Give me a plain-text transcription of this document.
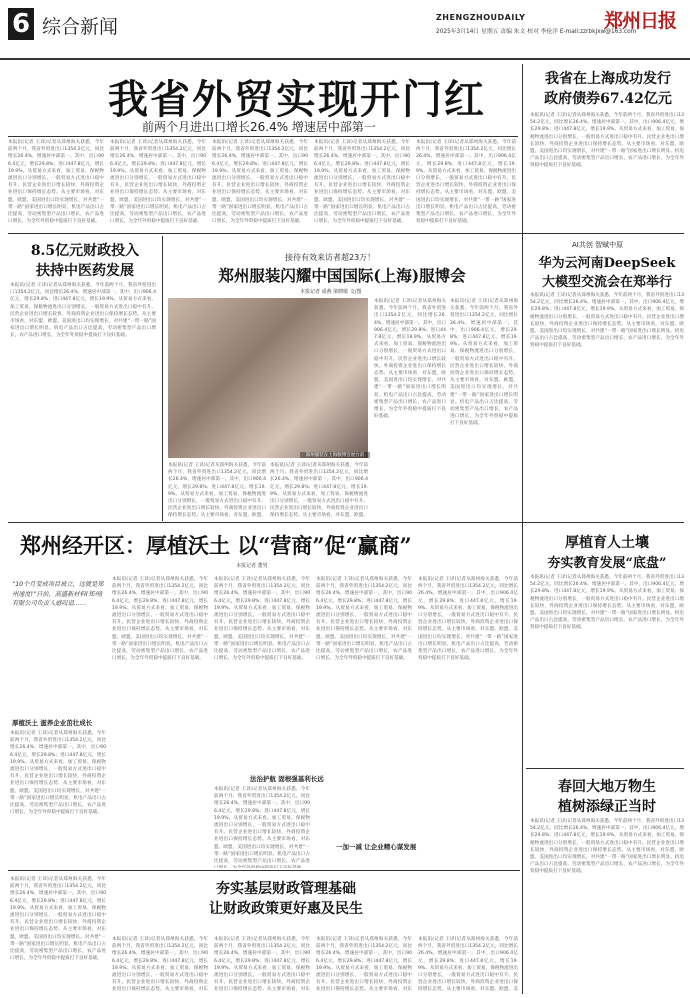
6 综合新闻	ZHENGZHOUDAILY
2025年3月14日 星期五 责编 朱文 校对 李伦洋 E-mail:zzrbkjxw@163.com
郑州日报
我省外贸实现开门红
前两个月进出口增长26.4% 增速居中部第一
本报讯(记者 王译)记者从郑州海关获悉，今年前两个月，我省外贸进出口1354.2亿元，同比增长26.4%，增速居中部第一。其中，出口906.4亿元，增长29.8%；进口447.8亿元，增长19.9%。从贸易方式来看，加工贸易、保税物流进出口分别增长，一般贸易方式进出口稳中有升。民营企业进出口增长较快，外商投资企业进出口保持增长态势。从主要市场看，对东盟、欧盟、美国进出口均实现增长，对共建“一带一路”国家进出口增长明显。机电产品出口占比提高，劳动密集型产品出口增长，农产品进口增长，为全年外贸稳中提质打下良好基础。
本报讯(记者 王译)记者从郑州海关获悉，今年前两个月，我省外贸进出口1354.2亿元，同比增长26.4%，增速居中部第一。其中，出口906.4亿元，增长29.8%；进口447.8亿元，增长19.9%。从贸易方式来看，加工贸易、保税物流进出口分别增长，一般贸易方式进出口稳中有升。民营企业进出口增长较快，外商投资企业进出口保持增长态势。从主要市场看，对东盟、欧盟、美国进出口均实现增长，对共建“一带一路”国家进出口增长明显。机电产品出口占比提高，劳动密集型产品出口增长，农产品进口增长，为全年外贸稳中提质打下良好基础。
本报讯(记者 王译)记者从郑州海关获悉，今年前两个月，我省外贸进出口1354.2亿元，同比增长26.4%，增速居中部第一。其中，出口906.4亿元，增长29.8%；进口447.8亿元，增长19.9%。从贸易方式来看，加工贸易、保税物流进出口分别增长，一般贸易方式进出口稳中有升。民营企业进出口增长较快，外商投资企业进出口保持增长态势。从主要市场看，对东盟、欧盟、美国进出口均实现增长，对共建“一带一路”国家进出口增长明显。机电产品出口占比提高，劳动密集型产品出口增长，农产品进口增长，为全年外贸稳中提质打下良好基础。
本报讯(记者 王译)记者从郑州海关获悉，今年前两个月，我省外贸进出口1354.2亿元，同比增长26.4%，增速居中部第一。其中，出口906.4亿元，增长29.8%；进口447.8亿元，增长19.9%。从贸易方式来看，加工贸易、保税物流进出口分别增长，一般贸易方式进出口稳中有升。民营企业进出口增长较快，外商投资企业进出口保持增长态势。从主要市场看，对东盟、欧盟、美国进出口均实现增长，对共建“一带一路”国家进出口增长明显。机电产品出口占比提高，劳动密集型产品出口增长，农产品进口增长，为全年外贸稳中提质打下良好基础。
本报讯(记者 王译)记者从郑州海关获悉，今年前两个月，我省外贸进出口1354.2亿元，同比增长26.4%，增速居中部第一。其中，出口906.4亿元，增长29.8%；进口447.8亿元，增长19.9%。从贸易方式来看，加工贸易、保税物流进出口分别增长，一般贸易方式进出口稳中有升。民营企业进出口增长较快，外商投资企业进出口保持增长态势。从主要市场看，对东盟、欧盟、美国进出口均实现增长，对共建“一带一路”国家进出口增长明显。机电产品出口占比提高，劳动密集型产品出口增长，农产品进口增长，为全年外贸稳中提质打下良好基础。
我省在上海成功发行
政府债券67.42亿元
本报讯(记者 王译)记者从郑州海关获悉，今年前两个月，我省外贸进出口1354.2亿元，同比增长26.4%，增速居中部第一。其中，出口906.4亿元，增长29.8%；进口447.8亿元，增长19.9%。从贸易方式来看，加工贸易、保税物流进出口分别增长，一般贸易方式进出口稳中有升。民营企业进出口增长较快，外商投资企业进出口保持增长态势。从主要市场看，对东盟、欧盟、美国进出口均实现增长，对共建“一带一路”国家进出口增长明显。机电产品出口占比提高，劳动密集型产品出口增长，农产品进口增长，为全年外贸稳中提质打下良好基础。
8.5亿元财政投入
扶持中医药发展
本报讯(记者 王译)记者从郑州海关获悉，今年前两个月，我省外贸进出口1354.2亿元，同比增长26.4%，增速居中部第一。其中，出口906.4亿元，增长29.8%；进口447.8亿元，增长19.9%。从贸易方式来看，加工贸易、保税物流进出口分别增长，一般贸易方式进出口稳中有升。民营企业进出口增长较快，外商投资企业进出口保持增长态势。从主要市场看，对东盟、欧盟、美国进出口均实现增长，对共建“一带一路”国家进出口增长明显。机电产品出口占比提高，劳动密集型产品出口增长，农产品进口增长，为全年外贸稳中提质打下良好基础。
接待有效来访者超23万！
郑州服装闪耀中国国际(上海)服博会
本报记者 成燕 梁晓敏 文/图
郑州服装在上海服博会展台前
本报讯(记者 王译)记者从郑州海关获悉，今年前两个月，我省外贸进出口1354.2亿元，同比增长26.4%，增速居中部第一。其中，出口906.4亿元，增长29.8%；进口447.8亿元，增长19.9%。从贸易方式来看，加工贸易、保税物流进出口分别增长，一般贸易方式进出口稳中有升。民营企业进出口增长较快，外商投资企业进出口保持增长态势。从主要市场看，对东盟、欧盟、美国进出口均实现增长，对共建“一带一路”国家进出口增长明显。机电产品出口占比提高，劳动密集型产品出口增长，农产品进口增长，为全年外贸稳中提质打下良好基础。
本报讯(记者 王译)记者从郑州海关获悉，今年前两个月，我省外贸进出口1354.2亿元，同比增长26.4%，增速居中部第一。其中，出口906.4亿元，增长29.8%；进口447.8亿元，增长19.9%。从贸易方式来看，加工贸易、保税物流进出口分别增长，一般贸易方式进出口稳中有升。民营企业进出口增长较快，外商投资企业进出口保持增长态势。从主要市场看，对东盟、欧盟、美国进出口均实现增长，对共建“一带一路”国家进出口增长明显。机电产品出口占比提高，劳动密集型产品出口增长，农产品进口增长，为全年外贸稳中提质打下良好基础。
本报讯(记者 王译)记者从郑州海关获悉，今年前两个月，我省外贸进出口1354.2亿元，同比增长26.4%，增速居中部第一。其中，出口906.4亿元，增长29.8%；进口447.8亿元，增长19.9%。从贸易方式来看，加工贸易、保税物流进出口分别增长，一般贸易方式进出口稳中有升。民营企业进出口增长较快，外商投资企业进出口保持增长态势。从主要市场看，对东盟、欧盟、
本报讯(记者 王译)记者从郑州海关获悉，今年前两个月，我省外贸进出口1354.2亿元，同比增长26.4%，增速居中部第一。其中，出口906.4亿元，增长29.8%；进口447.8亿元，增长19.9%。从贸易方式来看，加工贸易、保税物流进出口分别增长，一般贸易方式进出口稳中有升。民营企业进出口增长较快，外商投资企业进出口保持增长态势。从主要市场看，对东盟、欧盟、
AI共创 智赋中原
华为云河南DeepSeek
大模型交流会在郑举行
本报讯(记者 王译)记者从郑州海关获悉，今年前两个月，我省外贸进出口1354.2亿元，同比增长26.4%，增速居中部第一。其中，出口906.4亿元，增长29.8%；进口447.8亿元，增长19.9%。从贸易方式来看，加工贸易、保税物流进出口分别增长，一般贸易方式进出口稳中有升。民营企业进出口增长较快，外商投资企业进出口保持增长态势。从主要市场看，对东盟、欧盟、美国进出口均实现增长，对共建“一带一路”国家进出口增长明显。机电产品出口占比提高，劳动密集型产品出口增长，农产品进口增长，为全年外贸稳中提质打下良好基础。
郑州经开区：厚植沃土 以“营商”促“赢商”
本报记者 董男
“10个月变成项目被立，这就是郑州速度!”日前，高盛新材料(郑州)有限公司负责人感叹道……
厚植沃土 滋养企业茁壮成长
本报讯(记者 王译)记者从郑州海关获悉，今年前两个月，我省外贸进出口1354.2亿元，同比增长26.4%，增速居中部第一。其中，出口906.4亿元，增长29.8%；进口447.8亿元，增长19.9%。从贸易方式来看，加工贸易、保税物流进出口分别增长，一般贸易方式进出口稳中有升。民营企业进出口增长较快，外商投资企业进出口保持增长态势。从主要市场看，对东盟、欧盟、美国进出口均实现增长，对共建“一带一路”国家进出口增长明显。机电产品出口占比提高，劳动密集型产品出口增长，农产品进口增长，为全年外贸稳中提质打下良好基础。
本报讯(记者 王译)记者从郑州海关获悉，今年前两个月，我省外贸进出口1354.2亿元，同比增长26.4%，增速居中部第一。其中，出口906.4亿元，增长29.8%；进口447.8亿元，增长19.9%。从贸易方式来看，加工贸易、保税物流进出口分别增长，一般贸易方式进出口稳中有升。民营企业进出口增长较快，外商投资企业进出口保持增长态势。从主要市场看，对东盟、欧盟、美国进出口均实现增长，对共建“一带一路”国家进出口增长明显。机电产品出口占比提高，劳动密集型产品出口增长，农产品进口增长，为全年外贸稳中提质打下良好基础。
法治护航 固根强基利长远
本报讯(记者 王译)记者从郑州海关获悉，今年前两个月，我省外贸进出口1354.2亿元，同比增长26.4%，增速居中部第一。其中，出口906.4亿元，增长29.8%；进口447.8亿元，增长19.9%。从贸易方式来看，加工贸易、保税物流进出口分别增长，一般贸易方式进出口稳中有升。民营企业进出口增长较快，外商投资企业进出口保持增长态势。从主要市场看，对东盟、欧盟、美国进出口均实现增长，对共建“一带一路”国家进出口增长明显。机电产品出口占比提高，劳动密集型产品出口增长，农产品进口增长，为全年外贸稳中提质打下良好基础。
本报讯(记者 王译)记者从郑州海关获悉，今年前两个月，我省外贸进出口1354.2亿元，同比增长26.4%，增速居中部第一。其中，出口906.4亿元，增长29.8%；进口447.8亿元，增长19.9%。从贸易方式来看，加工贸易、保税物流进出口分别增长，一般贸易方式进出口稳中有升。民营企业进出口增长较快，外商投资企业进出口保持增长态势。从主要市场看，对东盟、欧盟、美国进出口均实现增长，对共建“一带一路”国家进出口增长明显。机电产品出口占比提高，劳动密集型产品出口增长，农产品进
一加一减 让企业精心谋发展
本报讯(记者 王译)记者从郑州海关获悉，今年前两个月，我省外贸进出口1354.2亿元，同比增长26.4%，增速居中部第一。其中，出口906.4亿元，增长29.8%；进口447.8亿元，增长19.9%。从贸易方式来看，加工贸易、保税物流进出口分别增长，一般贸易方式进出口稳中有升。民营企业进出口增长较快，外商投资企业进出口保持增长态势。从主要市场看，对东盟、欧盟、美国进出口均实现增长，对共建“一带一路”国家进出口增长明显。机电产品出口占比提高，劳动密集型产品出口增长，农产品进口增长，为全年外贸稳中提质打下良好基础。
本报讯(记者 王译)记者从郑州海关获悉，今年前两个月，我省外贸进出口1354.2亿元，同比增长26.4%，增速居中部第一。其中，出口906.4亿元，增长29.8%；进口447.8亿元，增长19.9%。从贸易方式来看，加工贸易、保税物流进出口分别增长，一般贸易方式进出口稳中有升。民营企业进出口增长较快，外商投资企业进出口保持增长态势。从主要市场看，对东盟、欧盟、美国进出口均实现增长，对共建“一带一路”国家进出口增长明显。机电产品出口占比提高，劳动密集型产品出口增长，农产品进口增长，为全年外贸稳中提质打下良好基础。
厚植育人土壤
夯实教育发展“底盘”
本报讯(记者 王译)记者从郑州海关获悉，今年前两个月，我省外贸进出口1354.2亿元，同比增长26.4%，增速居中部第一。其中，出口906.4亿元，增长29.8%；进口447.8亿元，增长19.9%。从贸易方式来看，加工贸易、保税物流进出口分别增长，一般贸易方式进出口稳中有升。民营企业进出口增长较快，外商投资企业进出口保持增长态势。从主要市场看，对东盟、欧盟、美国进出口均实现增长，对共建“一带一路”国家进出口增长明显。机电产品出口占比提高，劳动密集型产品出口增长，农产品进口增长，为全年外贸稳中提质打下良好基础。
春回大地万物生
植树添绿正当时
本报讯(记者 王译)记者从郑州海关获悉，今年前两个月，我省外贸进出口1354.2亿元，同比增长26.4%，增速居中部第一。其中，出口906.4亿元，增长29.8%；进口447.8亿元，增长19.9%。从贸易方式来看，加工贸易、保税物流进出口分别增长，一般贸易方式进出口稳中有升。民营企业进出口增长较快，外商投资企业进出口保持增长态势。从主要市场看，对东盟、欧盟、美国进出口均实现增长，对共建“一带一路”国家进出口增长明显。机电产品出口占比提高，劳动密集型产品出口增长，农产品进口增长，为全年外贸稳中提质打下良好基础。
本报讯(记者 王译)记者从郑州海关获悉，今年前两个月，我省外贸进出口1354.2亿元，同比增长26.4%，增速居中部第一。其中，出口906.4亿元，增长29.8%；进口447.8亿元，增长19.9%。从贸易方式来看，加工贸易、保税物流进出口分别增长，一般贸易方式进出口稳中有升。民营企业进出口增长较快，外商投资企业进出口保持增长态势。从主要市场看，对东盟、欧盟、美国进出口均实现增长，对共建“一带一路”国家进出口增长明显。机电产品出口占比提高，劳动密集型产品出口增长，农产品进口增长，为全年外贸稳中提质打下良好基础。
本报讯(记者 王译)记者从郑州海关获悉，今年前两个月，我省外贸进出口1354.2亿元，同比增长26.4%，增速居中部第一。其中，出口906.4亿元，增长29.8%；进口447.8亿元，增长19.9%。从贸易方式来看，加工贸易、保税物流进出口分别增长，一般贸易方式进出口稳中有升。民营企业进出口增长较快，外商投资企业进出口保持增长态势。从主要市场看，对东
夯实基层财政管理基础
让财政政策更好惠及民生
本报讯(记者 王译)记者从郑州海关获悉，今年前两个月，我省外贸进出口1354.2亿元，同比增长26.4%，增速居中部第一。其中，出口906.4亿元，增长29.8%；进口447.8亿元，增长19.9%。从贸易方式来看，加工贸易、保税物流进出口分别增长，一般贸易方式进出口稳中有升。民营企业进出口增长较快，外商投资企业进出口保持增长态势。从主要市场看，对东
本报讯(记者 王译)记者从郑州海关获悉，今年前两个月，我省外贸进出口1354.2亿元，同比增长26.4%，增速居中部第一。其中，出口906.4亿元，增长29.8%；进口447.8亿元，增长19.9%。从贸易方式来看，加工贸易、保税物流进出口分别增长，一般贸易方式进出口稳中有升。民营企业进出口增长较快，外商投资企业进出口保持增长态势。从主要市场看，对东
本报讯(记者 王译)记者从郑州海关获悉，今年前两个月，我省外贸进出口1354.2亿元，同比增长26.4%，增速居中部第一。其中，出口906.4亿元，增长29.8%；进口447.8亿元，增长19.9%。从贸易方式来看，加工贸易、保税物流进出口分别增长，一般贸易方式进出口稳中有升。民营企业进出口增长较快，外商投资企业进出口保持增长态势。从主要市场看，对东盟、欧盟、美
